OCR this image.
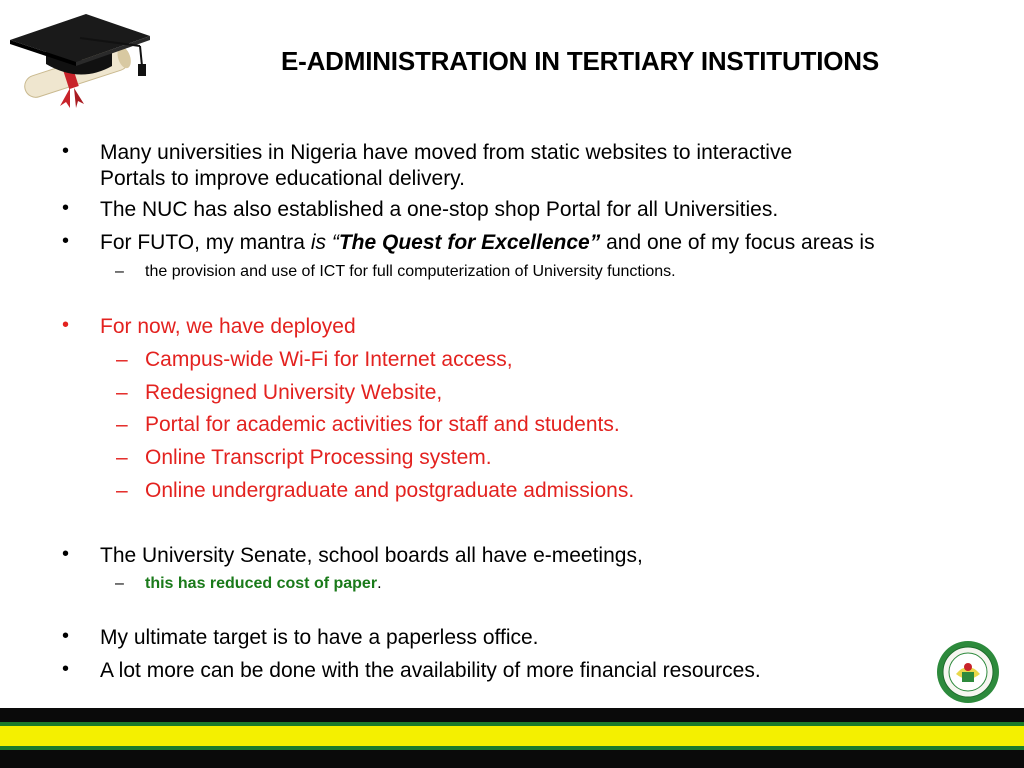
E-ADMINISTRATION IN TERTIARY INSTITUTIONS
• Many universities in Nigeria have moved from static websites to interactive
Portals to improve educational delivery.
• The NUC has also established a one-stop shop Portal for all Universities.
• For FUTO, my mantra is “The Quest for Excellence” and one of my focus areas is
– the provision and use of ICT for full computerization of University functions.
• For now, we have deployed
– Campus-wide Wi-Fi for Internet access,
– Redesigned University Website,
– Portal for academic activities for staff and students.
– Online Transcript Processing system.
– Online undergraduate and postgraduate admissions.
• The University Senate, school boards all have e-meetings,
– this has reduced cost of paper.
• My ultimate target is to have a paperless office.
• A lot more can be done with the availability of more financial resources.
